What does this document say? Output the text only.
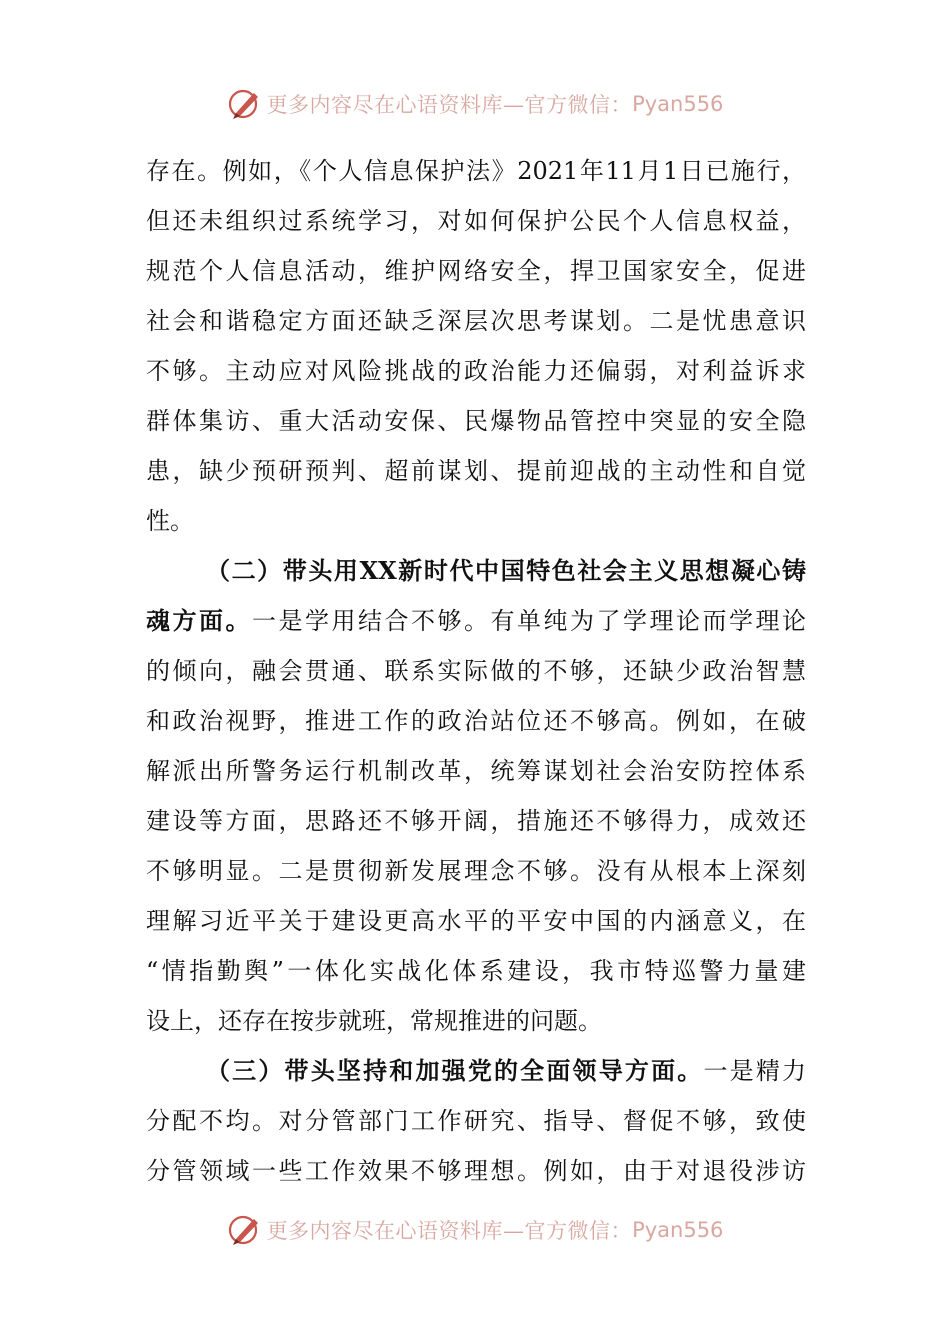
更多内容尽在心语资料库—官方微信： Pyan556
存在。例如，《个人信息保护法》2021年11月1日已施行，
但还未组织过系统学习，对如何保护公民个人信息权益，
规范个人信息活动，维护网络安全，捍卫国家安全，促进
社会和谐稳定方面还缺乏深层次思考谋划。二是忧患意识
不够。主动应对风险挑战的政治能力还偏弱，对利益诉求
群体集访、重大活动安保、民爆物品管控中突显的安全隐
患，缺少预研预判、超前谋划、提前迎战的主动性和自觉
性。
（二）带头用XX新时代中国特色社会主义思想凝心铸
魂方面。一是学用结合不够。有单纯为了学理论而学理论
的倾向，融会贯通、联系实际做的不够，还缺少政治智慧
和政治视野，推进工作的政治站位还不够高。例如，在破
解派出所警务运行机制改革，统筹谋划社会治安防控体系
建设等方面，思路还不够开阔，措施还不够得力，成效还
不够明显。二是贯彻新发展理念不够。没有从根本上深刻
理解习近平关于建设更高水平的平安中国的内涵意义，在
“情指勤舆”一体化实战化体系建设，我市特巡警力量建
设上，还存在按步就班，常规推进的问题。
（三）带头坚持和加强党的全面领导方面。一是精力
分配不均。对分管部门工作研究、指导、督促不够，致使
分管领域一些工作效果不够理想。例如，由于对退役涉访
更多内容尽在心语资料库—官方微信： Pyan556
